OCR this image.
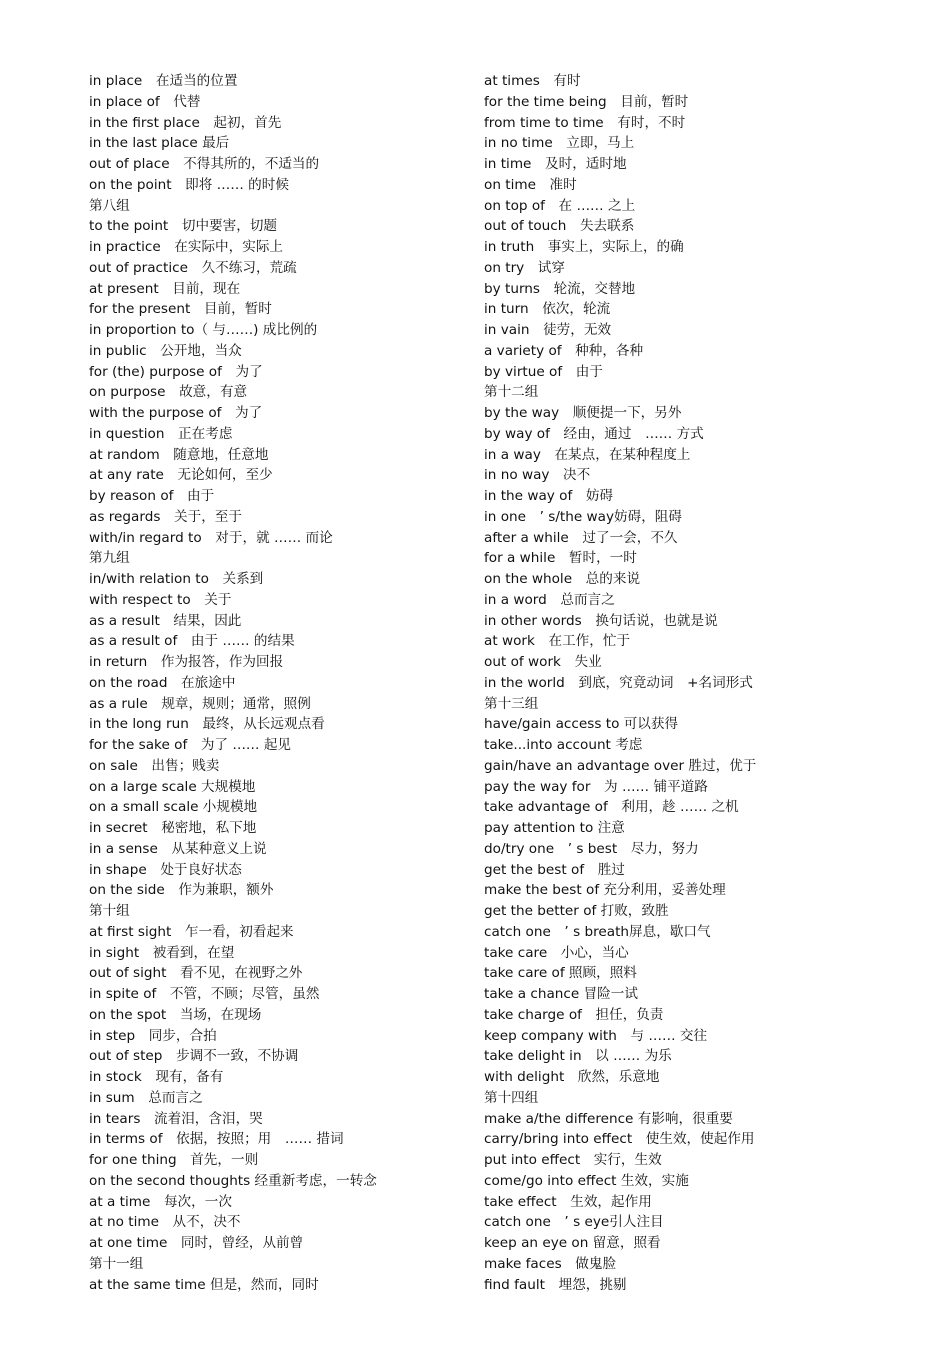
in place　在适当的位置
in place of　代替
in the first place　起初，首先
in the last place 最后
out of place　不得其所的，不适当的
on the point　即将 …… 的时候
第八组
to the point　切中要害，切题
in practice　在实际中，实际上
out of practice　久不练习，荒疏
at present　目前，现在
for the present　目前，暂时
in proportion to（ 与……) 成比例的
in public　公开地，当众
for (the) purpose of　为了
on purpose　故意，有意
with the purpose of　为了
in question　正在考虑
at random　随意地，任意地
at any rate　无论如何，至少
by reason of　由于
as regards　关于，至于
with/in regard to　对于，就 …… 而论
第九组
in/with relation to　关系到
with respect to　关于
as a result　结果，因此
as a result of　由于 …… 的结果
in return　作为报答，作为回报
on the road　在旅途中
as a rule　规章，规则；通常，照例
in the long run　最终，从长远观点看
for the sake of　为了 …… 起见
on sale　出售；贱卖
on a large scale 大规模地
on a small scale 小规模地
in secret　秘密地，私下地
in a sense　从某种意义上说
in shape　处于良好状态
on the side　作为兼职，额外
第十组
at first sight　乍一看，初看起来
in sight　被看到，在望
out of sight　看不见，在视野之外
in spite of　不管，不顾；尽管，虽然
on the spot　当场，在现场
in step　同步，合拍
out of step　步调不一致，不协调
in stock　现有，备有
in sum　总而言之
in tears　流着泪，含泪，哭
in terms of　依据，按照；用　…… 措词
for one thing　首先，一则
on the second thoughts 经重新考虑，一转念
at a time　每次，一次
at no time　从不，决不
at one time　同时，曾经，从前曾
第十一组
at the same time 但是，然而，同时
at times　有时
for the time being　目前，暂时
from time to time　有时，不时
in no time　立即，马上
in time　及时，适时地
on time　准时
on top of　在 …… 之上
out of touch　失去联系
in truth　事实上，实际上，的确
on try　试穿
by turns　轮流，交替地
in turn　依次，轮流
in vain　徒劳，无效
a variety of　种种，各种
by virtue of　由于
第十二组
by the way　顺便提一下，另外
by way of　经由，通过　…… 方式
in a way　在某点，在某种程度上
in no way　决不
in the way of　妨碍
in one　’ s/the way妨碍，阻碍
after a while　过了一会，不久
for a while　暂时，一时
on the whole　总的来说
in a word　总而言之
in other words　换句话说，也就是说
at work　在工作，忙于
out of work　失业
in the world　到底，究竟动词　+名词形式
第十三组
have/gain access to 可以获得
take...into account 考虑
gain/have an advantage over 胜过，优于
pay the way for　为 …… 铺平道路
take advantage of　利用，趁 …… 之机
pay attention to 注意
do/try one　’ s best　尽力，努力
get the best of　胜过
make the best of 充分利用，妥善处理
get the better of 打败，致胜
catch one　’ s breath屏息，歇口气
take care　小心，当心
take care of 照顾，照料
take a chance 冒险一试
take charge of　担任，负责
keep company with　与 …… 交往
take delight in　以 …… 为乐
with delight　欣然，乐意地
第十四组
make a/the difference 有影响，很重要
carry/bring into effect　使生效，使起作用
put into effect　实行，生效
come/go into effect 生效，实施
take effect　生效，起作用
catch one　’ s eye引人注目
keep an eye on 留意，照看
make faces　做鬼脸
find fault　埋怨，挑剔
